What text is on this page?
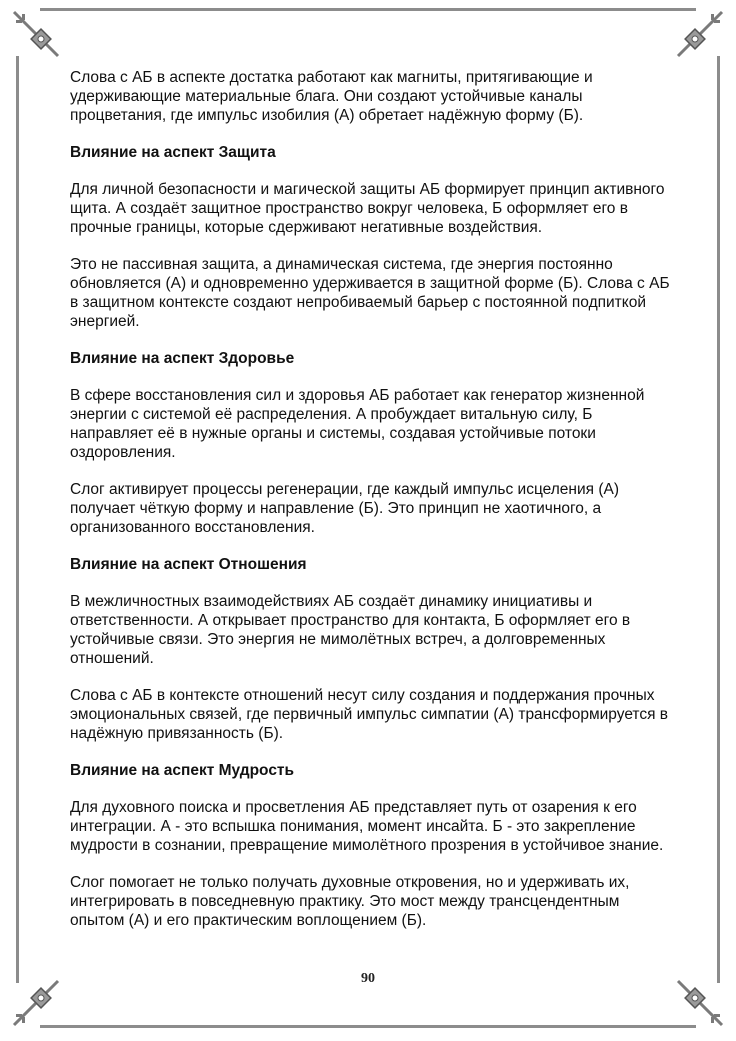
Слова с АБ в аспекте достатка работают как магниты, притягивающие и удерживающие материальные блага. Они создают устойчивые каналы процветания, где импульс изобилия (А) обретает надёжную форму (Б).

Влияние на аспект Защита

Для личной безопасности и магической защиты АБ формирует принцип активного щита. А создаёт защитное пространство вокруг человека, Б оформляет его в прочные границы, которые сдерживают негативные воздействия.

Это не пассивная защита, а динамическая система, где энергия постоянно обновляется (А) и одновременно удерживается в защитной форме (Б). Слова с АБ в защитном контексте создают непробиваемый барьер с постоянной подпиткой энергией.

Влияние на аспект Здоровье

В сфере восстановления сил и здоровья АБ работает как генератор жизненной энергии с системой её распределения. А пробуждает витальную силу, Б направляет её в нужные органы и системы, создавая устойчивые потоки оздоровления.

Слог активирует процессы регенерации, где каждый импульс исцеления (А) получает чёткую форму и направление (Б). Это принцип не хаотичного, а организованного восстановления.

Влияние на аспект Отношения

В межличностных взаимодействиях АБ создаёт динамику инициативы и ответственности. А открывает пространство для контакта, Б оформляет его в устойчивые связи. Это энергия не мимолётных встреч, а долговременных отношений.

Слова с АБ в контексте отношений несут силу создания и поддержания прочных эмоциональных связей, где первичный импульс симпатии (А) трансформируется в надёжную привязанность (Б).

Влияние на аспект Мудрость

Для духовного поиска и просветления АБ представляет путь от озарения к его интеграции. А - это вспышка понимания, момент инсайта. Б - это закрепление мудрости в сознании, превращение мимолётного прозрения в устойчивое знание.

Слог помогает не только получать духовные откровения, но и удерживать их, интегрировать в повседневную практику. Это мост между трансцендентным опытом (А) и его практическим воплощением (Б).

90
